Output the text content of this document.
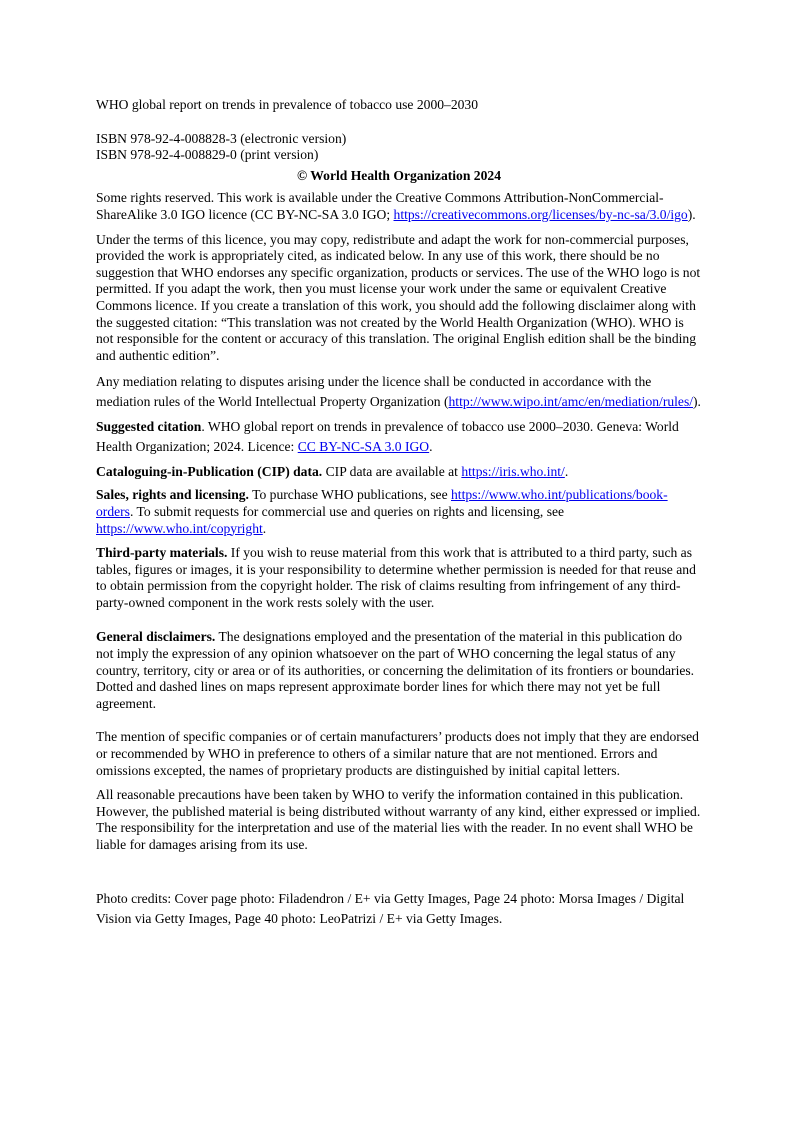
WHO global report on trends in prevalence of tobacco use 2000–2030

ISBN 978-92-4-008828-3 (electronic version)

ISBN 978-92-4-008829-0 (print version)

© World Health Organization 2024

Some rights reserved. This work is available under the Creative Commons Attribution-NonCommercial-ShareAlike 3.0 IGO licence (CC BY-NC-SA 3.0 IGO; https://creativecommons.org/licenses/by-nc-sa/3.0/igo).

Under the terms of this licence, you may copy, redistribute and adapt the work for non-commercial purposes, provided the work is appropriately cited, as indicated below. In any use of this work, there should be no suggestion that WHO endorses any specific organization, products or services. The use of the WHO logo is not permitted. If you adapt the work, then you must license your work under the same or equivalent Creative Commons licence. If you create a translation of this work, you should add the following disclaimer along with the suggested citation: “This translation was not created by the World Health Organization (WHO). WHO is not responsible for the content or accuracy of this translation. The original English edition shall be the binding and authentic edition”.

Any mediation relating to disputes arising under the licence shall be conducted in accordance with the mediation rules of the World Intellectual Property Organization (http://www.wipo.int/amc/en/mediation/rules/).

Suggested citation. WHO global report on trends in prevalence of tobacco use 2000–2030. Geneva: World Health Organization; 2024. Licence: CC BY-NC-SA 3.0 IGO.

Cataloguing-in-Publication (CIP) data. CIP data are available at https://iris.who.int/.

Sales, rights and licensing. To purchase WHO publications, see https://www.who.int/publications/book-orders. To submit requests for commercial use and queries on rights and licensing, see https://www.who.int/copyright.

Third-party materials. If you wish to reuse material from this work that is attributed to a third party, such as tables, figures or images, it is your responsibility to determine whether permission is needed for that reuse and to obtain permission from the copyright holder. The risk of claims resulting from infringement of any third-party-owned component in the work rests solely with the user.

General disclaimers. The designations employed and the presentation of the material in this publication do not imply the expression of any opinion whatsoever on the part of WHO concerning the legal status of any country, territory, city or area or of its authorities, or concerning the delimitation of its frontiers or boundaries. Dotted and dashed lines on maps represent approximate border lines for which there may not yet be full agreement.

The mention of specific companies or of certain manufacturers’ products does not imply that they are endorsed or recommended by WHO in preference to others of a similar nature that are not mentioned. Errors and omissions excepted, the names of proprietary products are distinguished by initial capital letters.

All reasonable precautions have been taken by WHO to verify the information contained in this publication. However, the published material is being distributed without warranty of any kind, either expressed or implied. The responsibility for the interpretation and use of the material lies with the reader. In no event shall WHO be liable for damages arising from its use.

Photo credits: Cover page photo: Filadendron / E+ via Getty Images, Page 24 photo: Morsa Images / Digital Vision via Getty Images, Page 40 photo: LeoPatrizi / E+ via Getty Images.
